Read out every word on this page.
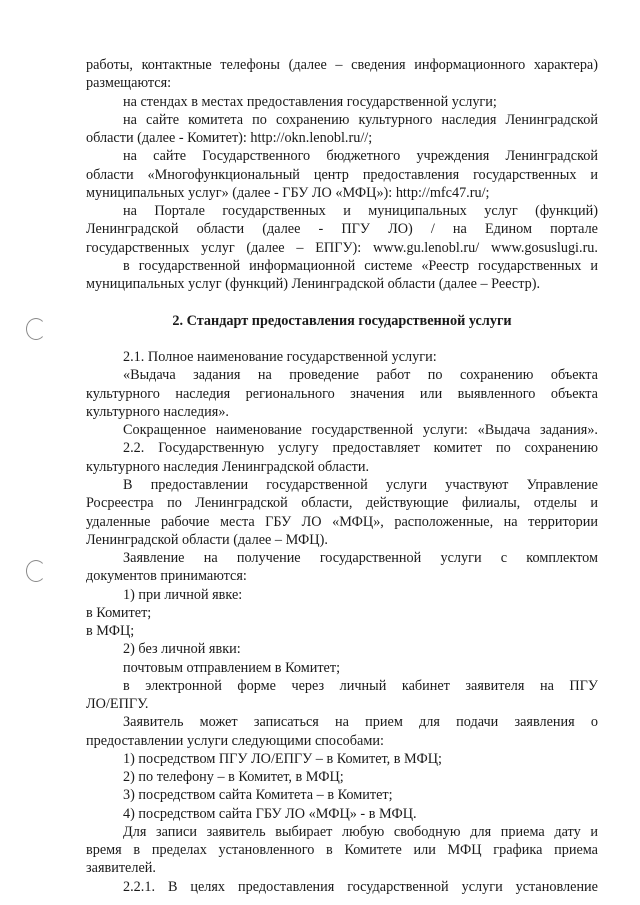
работы, контактные телефоны (далее – сведения информационного характера)
размещаются:
на стендах в местах предоставления государственной услуги;
на сайте комитета по сохранению культурного наследия Ленинградской
области (далее - Комитет): http://okn.lenobl.ru//;
на сайте Государственного бюджетного учреждения Ленинградской
области «Многофункциональный центр предоставления государственных и
муниципальных услуг» (далее - ГБУ ЛО «МФЦ»): http://mfc47.ru/;
на Портале государственных и муниципальных услуг (функций)
Ленинградской области (далее - ПГУ ЛО) / на Едином портале
государственных услуг (далее – ЕПГУ): www.gu.lenobl.ru/ www.gosuslugi.ru.
в государственной информационной системе «Реестр государственных и
муниципальных услуг (функций) Ленинградской области (далее – Реестр).
2. Стандарт предоставления государственной услуги
2.1. Полное наименование государственной услуги:
«Выдача задания на проведение работ по сохранению объекта
культурного наследия регионального значения или выявленного объекта
культурного наследия».
Сокращенное наименование государственной услуги: «Выдача задания».
2.2. Государственную услугу предоставляет комитет по сохранению
культурного наследия Ленинградской области.
В предоставлении государственной услуги участвуют Управление
Росреестра по Ленинградской области, действующие филиалы, отделы и
удаленные рабочие места ГБУ ЛО «МФЦ», расположенные, на территории
Ленинградской области (далее – МФЦ).
Заявление на получение государственной услуги с комплектом
документов принимаются:
1) при личной явке:
в Комитет;
в МФЦ;
2) без личной явки:
почтовым отправлением в Комитет;
в электронной форме через личный кабинет заявителя на ПГУ
ЛО/ЕПГУ.
Заявитель может записаться на прием для подачи заявления о
предоставлении услуги следующими способами:
1) посредством ПГУ ЛО/ЕПГУ – в Комитет, в МФЦ;
2) по телефону – в Комитет, в МФЦ;
3) посредством сайта Комитета – в Комитет;
4) посредством сайта ГБУ ЛО «МФЦ» - в МФЦ.
Для записи заявитель выбирает любую свободную для приема дату и
время в пределах установленного в Комитете или МФЦ графика приема
заявителей.
2.2.1. В целях предоставления государственной услуги установление
